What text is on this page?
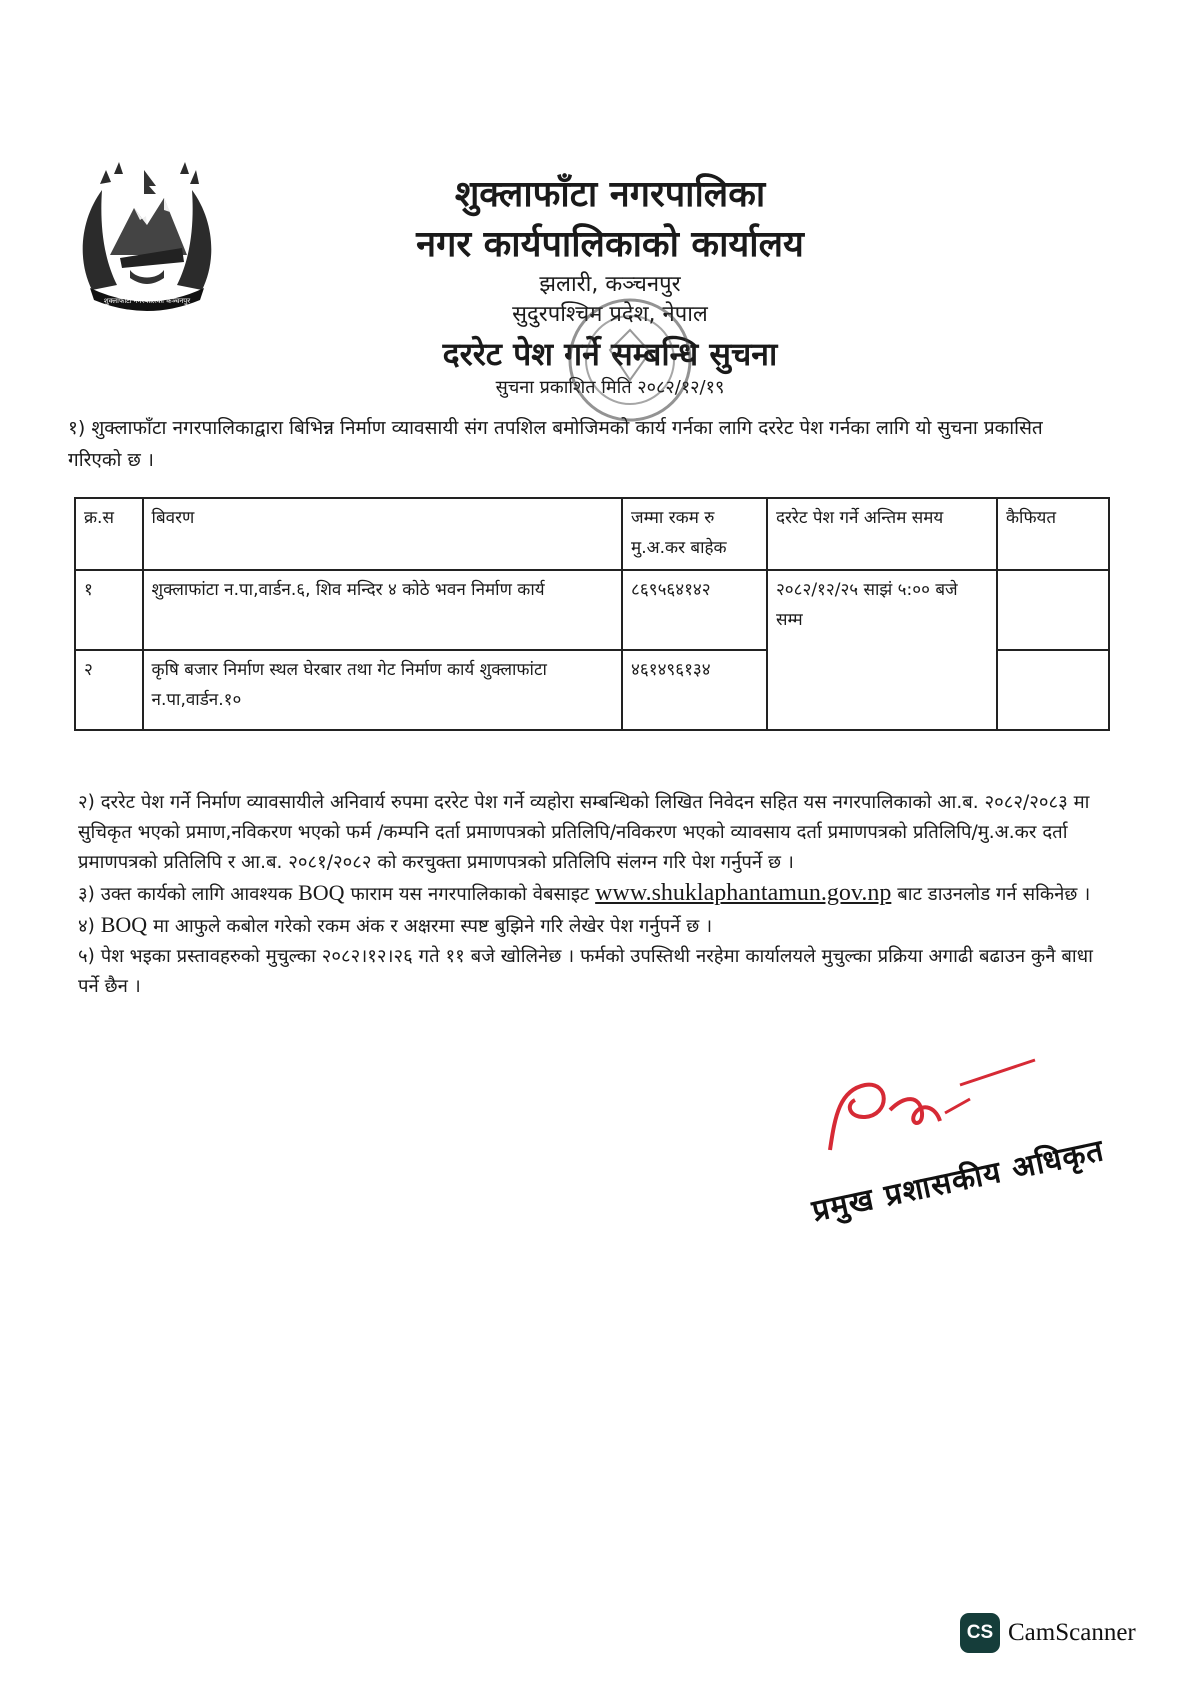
शुक्लाफाँटा नगरपालिका कञ्चनपुर
शुक्लाफाँटा नगरपालिका
नगर कार्यपालिकाको कार्यालय
झलारी, कञ्चनपुर
सुदुरपश्चिम प्रदेश, नेपाल
दररेट पेश गर्ने सम्बन्धि सुचना
सुचना प्रकाशित मिति २०८२/१२/१९
१) शुक्लाफाँटा नगरपालिकाद्वारा बिभिन्न निर्माण व्यावसायी संग तपशिल बमोजिमको कार्य गर्नका लागि दररेट पेश गर्नका लागि यो सुचना प्रकासित गरिएको छ ।
क्र.स	बिवरण	जम्मा रकम रु मु.अ.कर बाहेक	दररेट पेश गर्ने अन्तिम समय	कैफियत
१	शुक्लाफांटा न.पा,वार्डन.६, शिव मन्दिर ४ कोठे भवन निर्माण कार्य	८६९५६४१४२	२०८२/१२/२५ साझं ५:०० बजे सम्म	
२	कृषि बजार निर्माण स्थल घेरबार तथा गेट निर्माण कार्य शुक्लाफांटा न.पा,वार्डन.१०	४६१४९६१३४		

२) दररेट पेश गर्ने निर्माण व्यावसायीले अनिवार्य रुपमा दररेट पेश गर्ने व्यहोरा सम्बन्धिको लिखित निवेदन सहित यस नगरपालिकाको आ.ब. २०८२/२०८३ मा सुचिकृत भएको प्रमाण,नविकरण भएको फर्म /कम्पनि दर्ता प्रमाणपत्रको प्रतिलिपि/नविकरण भएको व्यावसाय दर्ता प्रमाणपत्रको प्रतिलिपि/मु.अ.कर दर्ता प्रमाणपत्रको प्रतिलिपि र आ.ब. २०८१/२०८२ को करचुक्ता प्रमाणपत्रको प्रतिलिपि संलग्न गरि पेश गर्नुपर्ने छ ।

३) उक्त कार्यको लागि आवश्यक BOQ फाराम यस नगरपालिकाको वेबसाइट www.shuklaphantamun.gov.np बाट डाउनलोड गर्न सकिनेछ ।

४) BOQ मा आफुले कबोल गरेको रकम अंक र अक्षरमा स्पष्ट बुझिने गरि लेखेर पेश गर्नुपर्ने छ ।

५) पेश भइका प्रस्तावहरुको मुचुल्का २०८२।१२।२६ गते ११ बजे खोलिनेछ । फर्मको उपस्तिथी नरहेमा कार्यालयले मुचुल्का प्रक्रिया अगाढी बढाउन कुनै बाधा पर्ने छैन ।

प्रमुख प्रशासकीय अधिकृत
CS CamScanner
